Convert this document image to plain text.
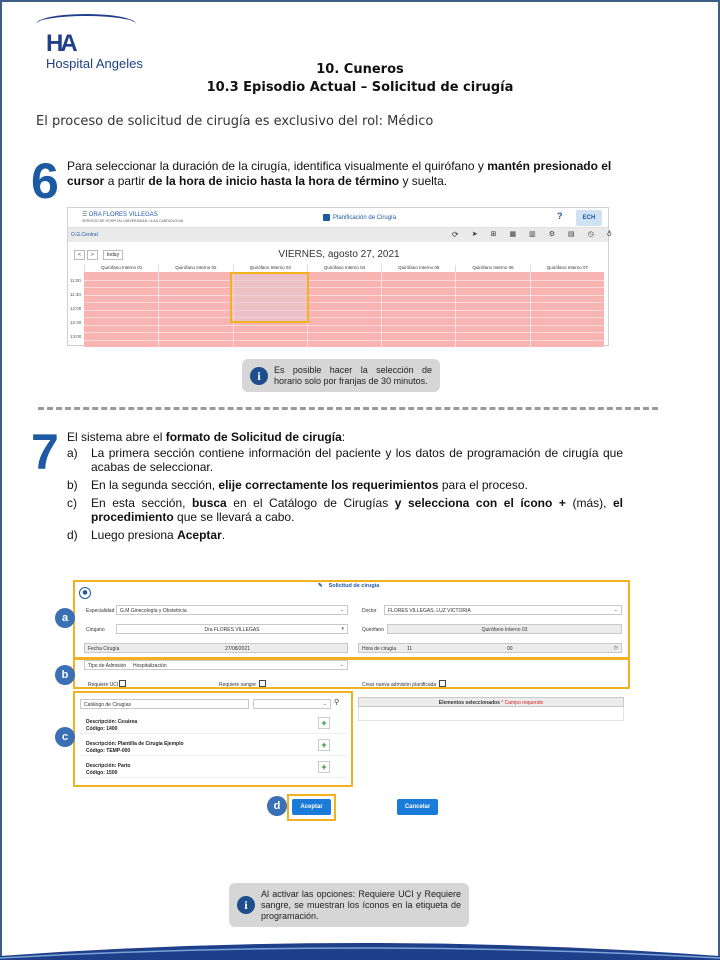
HA
Hospital Angeles	10. Cuneros
10.3 Episodio Actual – Solicitud de cirugía
El proceso de solicitud de cirugía es exclusivo del rol: Médico
6 Para seleccionar la duración de la cirugía, identifica visualmente el quirófano y mantén presionado el cursor a partir de la hora de inicio hasta la hora de término y suelta.
☰ DRA FLORES VILLEGAS
SERVICIO DE HOSPITAL UNIVERSIDAD / ILAN CARDIOLOGIA	Planificación de Cirugía	?	ECH
O.G.Central	⟳ ➤ ⊞ ▦ ▥ ⚙ ▤ ◷ ♁
<	>	today	VIERNES, agosto 27, 2021
Quirófano Interno 01	Quirófano Interno 02	Quirófano Interno 03	Quirófano Interno 04	Quirófano Interno 05	Quirófano Interno 06	Quirófano Interno 07
11:00
11:30
12:00
12:30
13:00
i	Es posible hacer la selección de horario solo por franjas de 30 minutos.
7 El sistema abre el formato de Solicitud de cirugía:
a) La primera sección contiene información del paciente y los datos de programación de cirugía que acabas de seleccionar.
b) En la segunda sección, elije correctamente los requerimientos para el proceso.
c) En esta sección, busca en el Catálogo de Cirugías y selecciona con el ícono + (más), el procedimiento que se llevará a cabo.
d) Luego presiona Aceptar.
✎ Solicitud de cirugía
●
Especialidad	G.M.Ginecología y Obstetricia	⌄	Doctor	FLORES VILLEGAS, LUZ VICTORIA	⌄
Cirujano	Dra FLORES VILLEGAS	▾	Quirófano	Quirófano Interno 03
Fecha Cirugía	27/08/2021	Hora de cirugía 11	00	◷
a
Tipo de Admisión Hospitalización	⌄
Requiere UCI	Requiere sangre	Crear nueva admisión planificada
b
Catálogo de Cirugías	⌄ ⚲
Descripción: Cesárea
Código: 1400
+
Descripción: Plantilla de Cirugía Ejemplo
Código: TEMP-000
+
Descripción: Parto
Código: 1500
+
Elementos seleccionados * Campo requerido
c
Aceptar	Cancelar
d
i
Al activar las opciones: Requiere UCI y Requiere sangre, se muestran los íconos en la etiqueta de programación.
